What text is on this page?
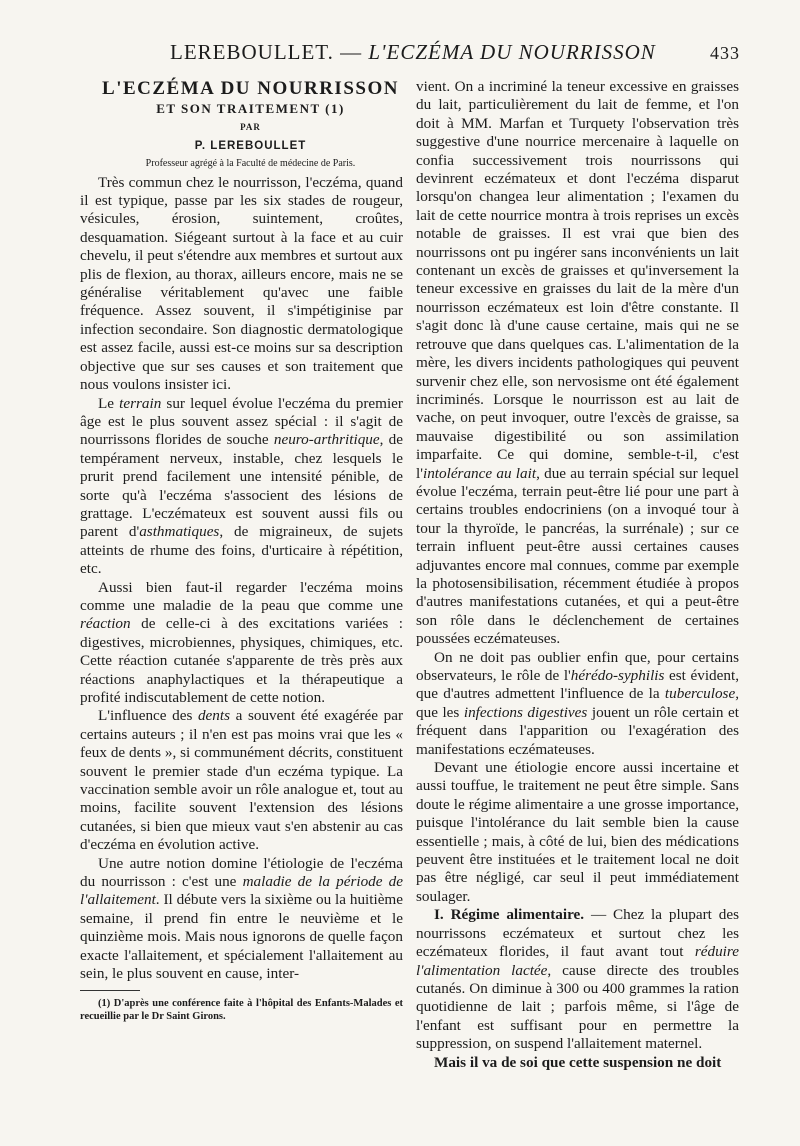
LEREBOULLET. — L'ECZÉMA DU NOURRISSON	433

L'ECZÉMA DU NOURRISSON

ET SON TRAITEMENT (1)

PAR

P. LEREBOULLET

Professeur agrégé à la Faculté de médecine de Paris.

Très commun chez le nourrisson, l'eczéma, quand il est typique, passe par les six stades de rougeur, vésicules, érosion, suintement, croûtes, desquamation. Siégeant surtout à la face et au cuir chevelu, il peut s'étendre aux membres et surtout aux plis de flexion, au thorax, ailleurs encore, mais ne se généralise véritablement qu'avec une faible fréquence. Assez souvent, il s'impétiginise par infection secondaire. Son diagnostic dermatologique est assez facile, aussi est-ce moins sur sa description objective que sur ses causes et son traitement que nous voulons insister ici.

Le terrain sur lequel évolue l'eczéma du premier âge est le plus souvent assez spécial : il s'agit de nourrissons florides de souche neuro-arthritique, de tempérament nerveux, instable, chez lesquels le prurit prend facilement une intensité pénible, de sorte qu'à l'eczéma s'associent des lésions de grattage. L'eczémateux est souvent aussi fils ou parent d'asthmatiques, de migraineux, de sujets atteints de rhume des foins, d'urticaire à répétition, etc.

Aussi bien faut-il regarder l'eczéma moins comme une maladie de la peau que comme une réaction de celle-ci à des excitations variées : digestives, microbiennes, physiques, chimiques, etc. Cette réaction cutanée s'apparente de très près aux réactions anaphylactiques et la thérapeutique a profité indiscutablement de cette notion.

L'influence des dents a souvent été exagérée par certains auteurs ; il n'en est pas moins vrai que les « feux de dents », si communément décrits, constituent souvent le premier stade d'un eczéma typique. La vaccination semble avoir un rôle analogue et, tout au moins, facilite souvent l'extension des lésions cutanées, si bien que mieux vaut s'en abstenir au cas d'eczéma en évolution active.

Une autre notion domine l'étiologie de l'eczéma du nourrisson : c'est une maladie de la période de l'allaitement. Il débute vers la sixième ou la huitième semaine, il prend fin entre le neuvième et le quinzième mois. Mais nous ignorons de quelle façon exacte l'allaitement, et spécialement l'allaitement au sein, le plus souvent en cause, inter-

(1) D'après une conférence faite à l'hôpital des Enfants-Malades et recueillie par le Dr Saint Girons.

vient. On a incriminé la teneur excessive en graisses du lait, particulièrement du lait de femme, et l'on doit à MM. Marfan et Turquety l'observation très suggestive d'une nourrice mercenaire à laquelle on confia successivement trois nourrissons qui devinrent eczémateux et dont l'eczéma disparut lorsqu'on changea leur alimentation ; l'examen du lait de cette nourrice montra à trois reprises un excès notable de graisses. Il est vrai que bien des nourrissons ont pu ingérer sans inconvénients un lait contenant un excès de graisses et qu'inversement la teneur excessive en graisses du lait de la mère d'un nourrisson eczémateux est loin d'être constante. Il s'agit donc là d'une cause certaine, mais qui ne se retrouve que dans quelques cas. L'alimentation de la mère, les divers incidents pathologiques qui peuvent survenir chez elle, son nervosisme ont été également incriminés. Lorsque le nourrisson est au lait de vache, on peut invoquer, outre l'excès de graisse, sa mauvaise digestibilité ou son assimilation imparfaite. Ce qui domine, semble-t-il, c'est l'intolérance au lait, due au terrain spécial sur lequel évolue l'eczéma, terrain peut-être lié pour une part à certains troubles endocriniens (on a invoqué tour à tour la thyroïde, le pancréas, la surrénale) ; sur ce terrain influent peut-être aussi certaines causes adjuvantes encore mal connues, comme par exemple la photosensibilisation, récemment étudiée à propos d'autres manifestations cutanées, et qui a peut-être son rôle dans le déclenchement de certaines poussées eczémateuses.

On ne doit pas oublier enfin que, pour certains observateurs, le rôle de l'hérédo-syphilis est évident, que d'autres admettent l'influence de la tuberculose, que les infections digestives jouent un rôle certain et fréquent dans l'apparition ou l'exagération des manifestations eczémateuses.

Devant une étiologie encore aussi incertaine et aussi touffue, le traitement ne peut être simple. Sans doute le régime alimentaire a une grosse importance, puisque l'intolérance du lait semble bien la cause essentielle ; mais, à côté de lui, bien des médications peuvent être instituées et le traitement local ne doit pas être négligé, car seul il peut immédiatement soulager.

I. Régime alimentaire. — Chez la plupart des nourrissons eczémateux et surtout chez les eczémateux florides, il faut avant tout réduire l'alimentation lactée, cause directe des troubles cutanés. On diminue à 300 ou 400 grammes la ration quotidienne de lait ; parfois même, si l'âge de l'enfant est suffisant pour en permettre la suppression, on suspend l'allaitement maternel.

Mais il va de soi que cette suspension ne doit
